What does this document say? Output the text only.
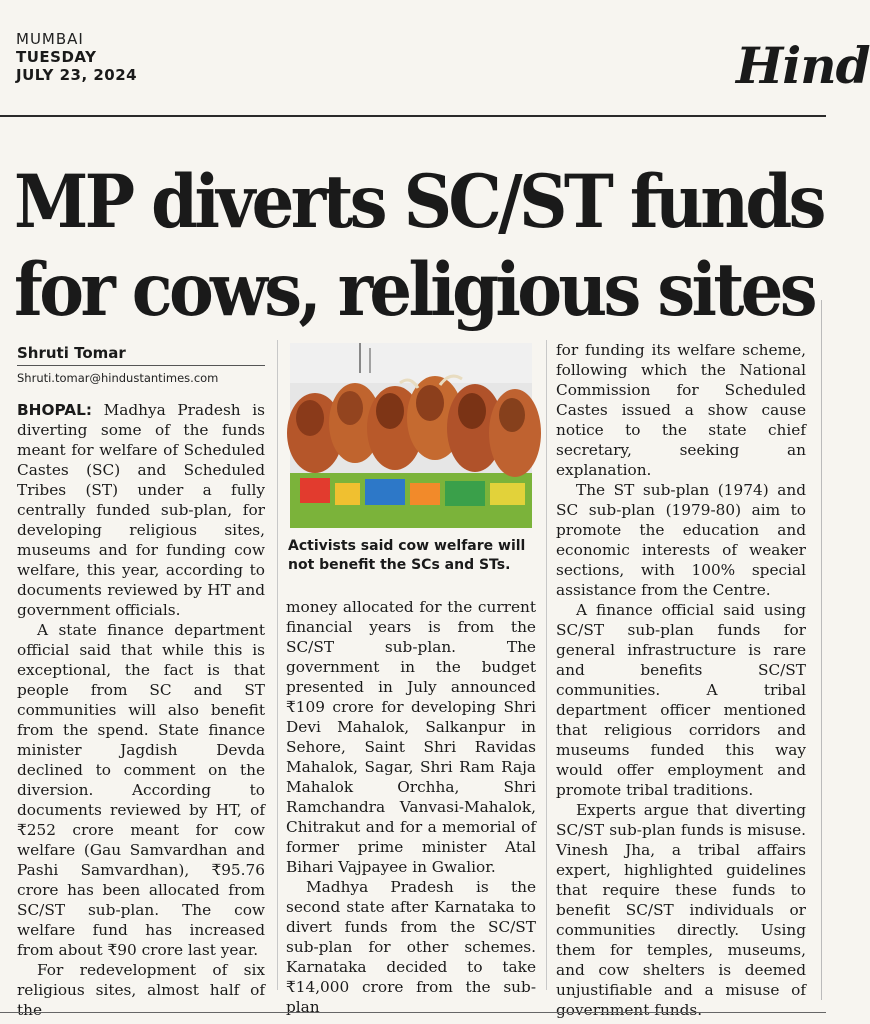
MUMBAI
TUESDAY
JULY 23, 2024	Hind
MP diverts SC/ST funds
for cows, religious sites
Shruti Tomar
Shruti.tomar@hindustantimes.com

BHOPAL: Madhya Pradesh is diverting some of the funds meant for welfare of Scheduled Castes (SC) and Scheduled Tribes (ST) under a fully centrally funded sub-plan, for developing religious sites, museums and for funding cow welfare, this year, according to documents reviewed by HT and government officials.

A state finance department official said that while this is exceptional, the fact is that people from SC and ST communities will also benefit from the spend. State finance minister Jagdish Devda declined to comment on the diversion. According to documents reviewed by HT, of ₹252 crore meant for cow welfare (Gau Samvardhan and Pashi Samvardhan), ₹95.76 crore has been allocated from SC/ST sub-plan. The cow welfare fund has increased from about ₹90 crore last year.

For redevelopment of six religious sites, almost half of the

Activists said cow welfare will not benefit the SCs and STs.

money allocated for the current financial years is from the SC/ST sub-plan. The government in the budget presented in July announced ₹109 crore for developing Shri Devi Mahalok, Salkanpur in Sehore, Saint Shri Ravidas Mahalok, Sagar, Shri Ram Raja Mahalok Orchha, Shri Ramchandra Vanvasi-Mahalok, Chitrakut and for a memorial of former prime minister Atal Bihari Vajpayee in Gwalior.

Madhya Pradesh is the second state after Karnataka to divert funds from the SC/ST sub-plan for other schemes. Karnataka decided to take ₹14,000 crore from the sub-plan

for funding its welfare scheme, following which the National Commission for Scheduled Castes issued a show cause notice to the state chief secretary, seeking an explanation.

The ST sub-plan (1974) and SC sub-plan (1979-80) aim to promote the education and economic interests of weaker sections, with 100% special assistance from the Centre.

A finance official said using SC/ST sub-plan funds for general infrastructure is rare and benefits SC/ST communities. A tribal department officer mentioned that religious corridors and museums funded this way would offer employment and promote tribal traditions.

Experts argue that diverting SC/ST sub-plan funds is misuse. Vinesh Jha, a tribal affairs expert, highlighted guidelines that require these funds to benefit SC/ST individuals or communities directly. Using them for temples, museums, and cow shelters is deemed unjustifiable and a misuse of government funds.
